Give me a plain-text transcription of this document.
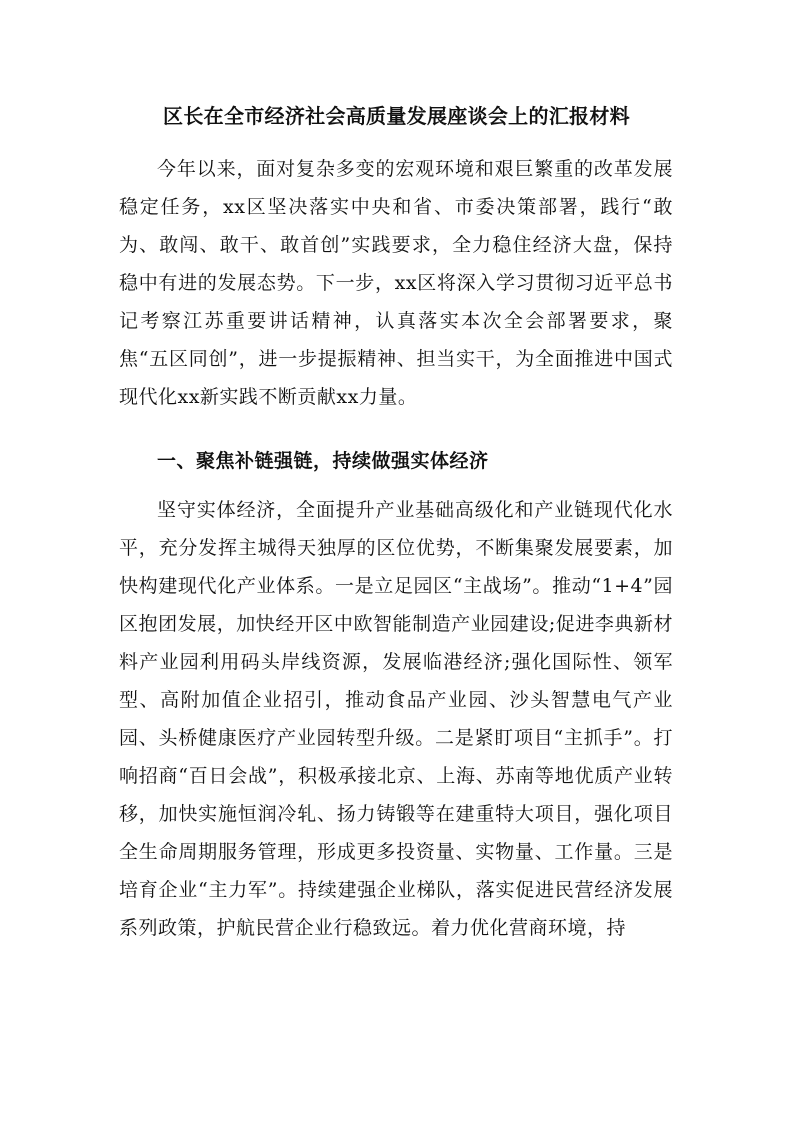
区长在全市经济社会高质量发展座谈会上的汇报材料

今年以来，面对复杂多变的宏观环境和艰巨繁重的改革发展稳定任务，xx区坚决落实中央和省、市委决策部署，践行“敢为、敢闯、敢干、敢首创”实践要求，全力稳住经济大盘，保持稳中有进的发展态势。下一步，xx区将深入学习贯彻习近平总书记考察江苏重要讲话精神，认真落实本次全会部署要求，聚焦“五区同创”，进一步提振精神、担当实干，为全面推进中国式现代化xx新实践不断贡献xx力量。

一、聚焦补链强链，持续做强实体经济

坚守实体经济，全面提升产业基础高级化和产业链现代化水平，充分发挥主城得天独厚的区位优势，不断集聚发展要素，加快构建现代化产业体系。一是立足园区“主战场”。推动“1+4”园区抱团发展，加快经开区中欧智能制造产业园建设;促进李典新材料产业园利用码头岸线资源，发展临港经济;强化国际性、领军型、高附加值企业招引，推动食品产业园、沙头智慧电气产业园、头桥健康医疗产业园转型升级。二是紧盯项目“主抓手”。打响招商“百日会战”，积极承接北京、上海、苏南等地优质产业转移，加快实施恒润冷轧、扬力铸锻等在建重特大项目，强化项目全生命周期服务管理，形成更多投资量、实物量、工作量。三是培育企业“主力军”。持续建强企业梯队，落实促进民营经济发展系列政策，护航民营企业行稳致远。着力优化营商环境，持
